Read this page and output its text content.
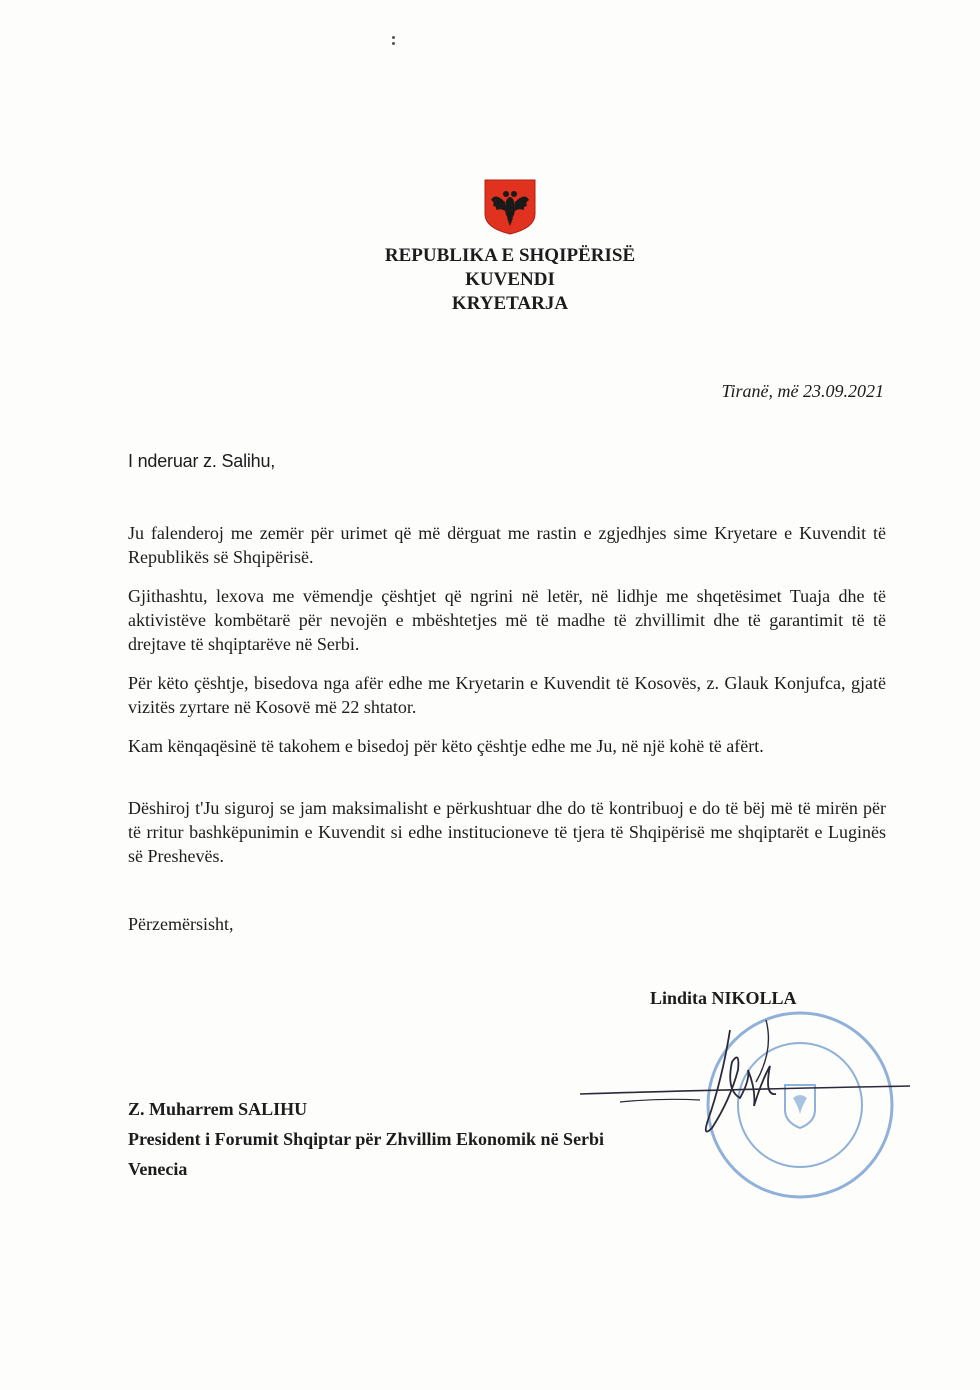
REPUBLIKA E SHQIPËRISË
KUVENDI
KRYETARJA
Tiranë, më 23.09.2021
I nderuar z. Salihu,
Ju falenderoj me zemër për urimet që më dërguat me rastin e zgjedhjes sime Kryetare e Kuvendit të Republikës së Shqipërisë.
Gjithashtu, lexova me vëmendje çështjet që ngrini në letër, në lidhje me shqetësimet Tuaja dhe të aktivistëve kombëtarë për nevojën e mbështetjes më të madhe të zhvillimit dhe të garantimit të të drejtave të shqiptarëve në Serbi.
Për këto çështje, bisedova nga afër edhe me Kryetarin e Kuvendit të Kosovës, z. Glauk Konjufca, gjatë vizitës zyrtare në Kosovë më 22 shtator.
Kam kënqaqësinë të takohem e bisedoj për këto çështje edhe me Ju, në një kohë të afërt.
Dëshiroj t'Ju siguroj se jam maksimalisht e përkushtuar dhe do të kontribuoj e do të bëj më të mirën për të rritur bashkëpunimin e Kuvendit si edhe institucioneve të tjera të Shqipërisë me shqiptarët e Luginës së Preshevës.
Përzemërsisht,
Lindita NIKOLLA
Z. Muharrem SALIHU
President i Forumit Shqiptar për Zhvillim Ekonomik në Serbi
Venecia
